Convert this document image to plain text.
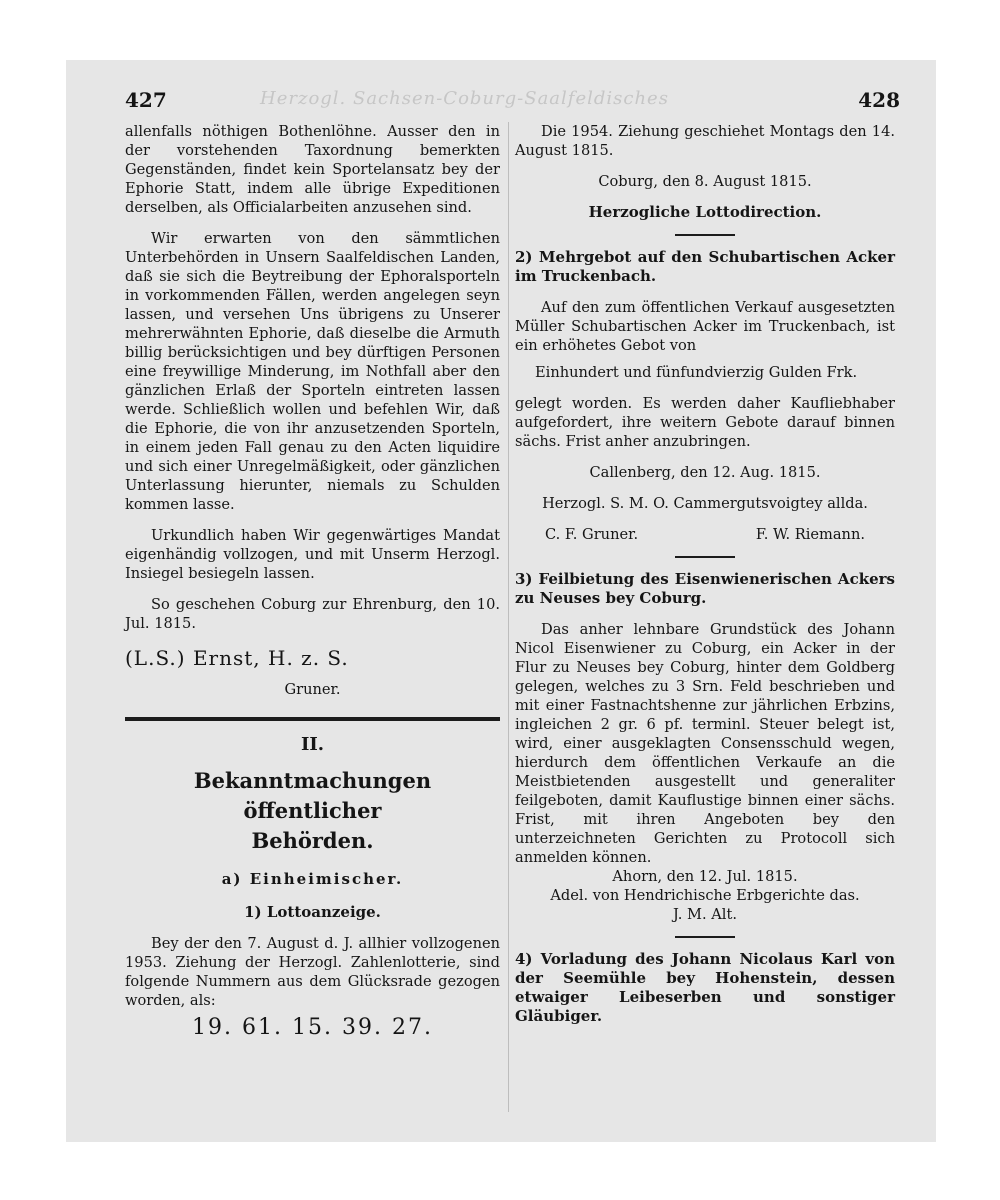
427	Herzogl. Sachsen-Coburg-Saalfeldisches	428

allenfalls nöthigen Bothenlöhne. Ausser den in der vorstehenden Taxordnung bemerkten Gegenständen, findet kein Sportelansatz bey der Ephorie Statt, indem alle übrige Expeditionen derselben, als Officialarbeiten anzusehen sind.

Wir erwarten von den sämmtlichen Unterbehörden in Unsern Saalfeldischen Landen, daß sie sich die Beytreibung der Ephoralsporteln in vorkommenden Fällen, werden angelegen seyn lassen, und versehen Uns übrigens zu Unserer mehrerwähnten Ephorie, daß dieselbe die Armuth billig berücksichtigen und bey dürftigen Personen eine freywillige Minderung, im Nothfall aber den gänzlichen Erlaß der Sporteln eintreten lassen werde. Schließlich wollen und befehlen Wir, daß die Ephorie, die von ihr anzusetzenden Sporteln, in einem jeden Fall genau zu den Acten liquidire und sich einer Unregelmäßigkeit, oder gänzlichen Unterlassung hierunter, niemals zu Schulden kommen lasse.

Urkundlich haben Wir gegenwärtiges Mandat eigenhändig vollzogen, und mit Unserm Herzogl. Insiegel besiegeln lassen.

So geschehen Coburg zur Ehrenburg, den 10. Jul. 1815.

(L.S.) Ernst, H. z. S.

Gruner.

II.
Bekanntmachungen öffentlicher
Behörden.
a) Einheimischer.
1) Lottoanzeige.

Bey der den 7. August d. J. allhier vollzogenen 1953. Ziehung der Herzogl. Zahlenlotterie, sind folgende Nummern aus dem Glücksrade gezogen worden, als:

19. 61. 15. 39. 27.

Die 1954. Ziehung geschiehet Montags den 14. August 1815.

Coburg, den 8. August 1815.

Herzogliche Lottodirection.

2) Mehrgebot auf den Schubartischen Acker im Truckenbach.

Auf den zum öffentlichen Verkauf ausgesetzten Müller Schubartischen Acker im Truckenbach, ist ein erhöhetes Gebot von

Einhundert und fünfundvierzig Gulden Frk.

gelegt worden. Es werden daher Kaufliebhaber aufgefordert, ihre weitern Gebote darauf binnen sächs. Frist anher anzubringen.

Callenberg, den 12. Aug. 1815.

Herzogl. S. M. O. Cammergutsvoigtey allda.

C. F. Gruner.	F. W. Riemann.

3) Feilbietung des Eisenwienerischen Ackers zu Neuses bey Coburg.

Das anher lehnbare Grundstück des Johann Nicol Eisenwiener zu Coburg, ein Acker in der Flur zu Neuses bey Coburg, hinter dem Goldberg gelegen, welches zu 3 Srn. Feld beschrieben und mit einer Fastnachtshenne zur jährlichen Erbzins, ingleichen 2 gr. 6 pf. terminl. Steuer belegt ist, wird, einer ausgeklagten Consensschuld wegen, hierdurch dem öffentlichen Verkaufe an die Meistbietenden ausgestellt und generaliter feilgeboten, damit Kauflustige binnen einer sächs. Frist, mit ihren Angeboten bey den unterzeichneten Gerichten zu Protocoll sich anmelden können.

Ahorn, den 12. Jul. 1815.

Adel. von Hendrichische Erbgerichte das.

J. M. Alt.

4) Vorladung des Johann Nicolaus Karl von der Seemühle bey Hohenstein, dessen etwaiger Leibeserben und sonstiger Gläubiger.
